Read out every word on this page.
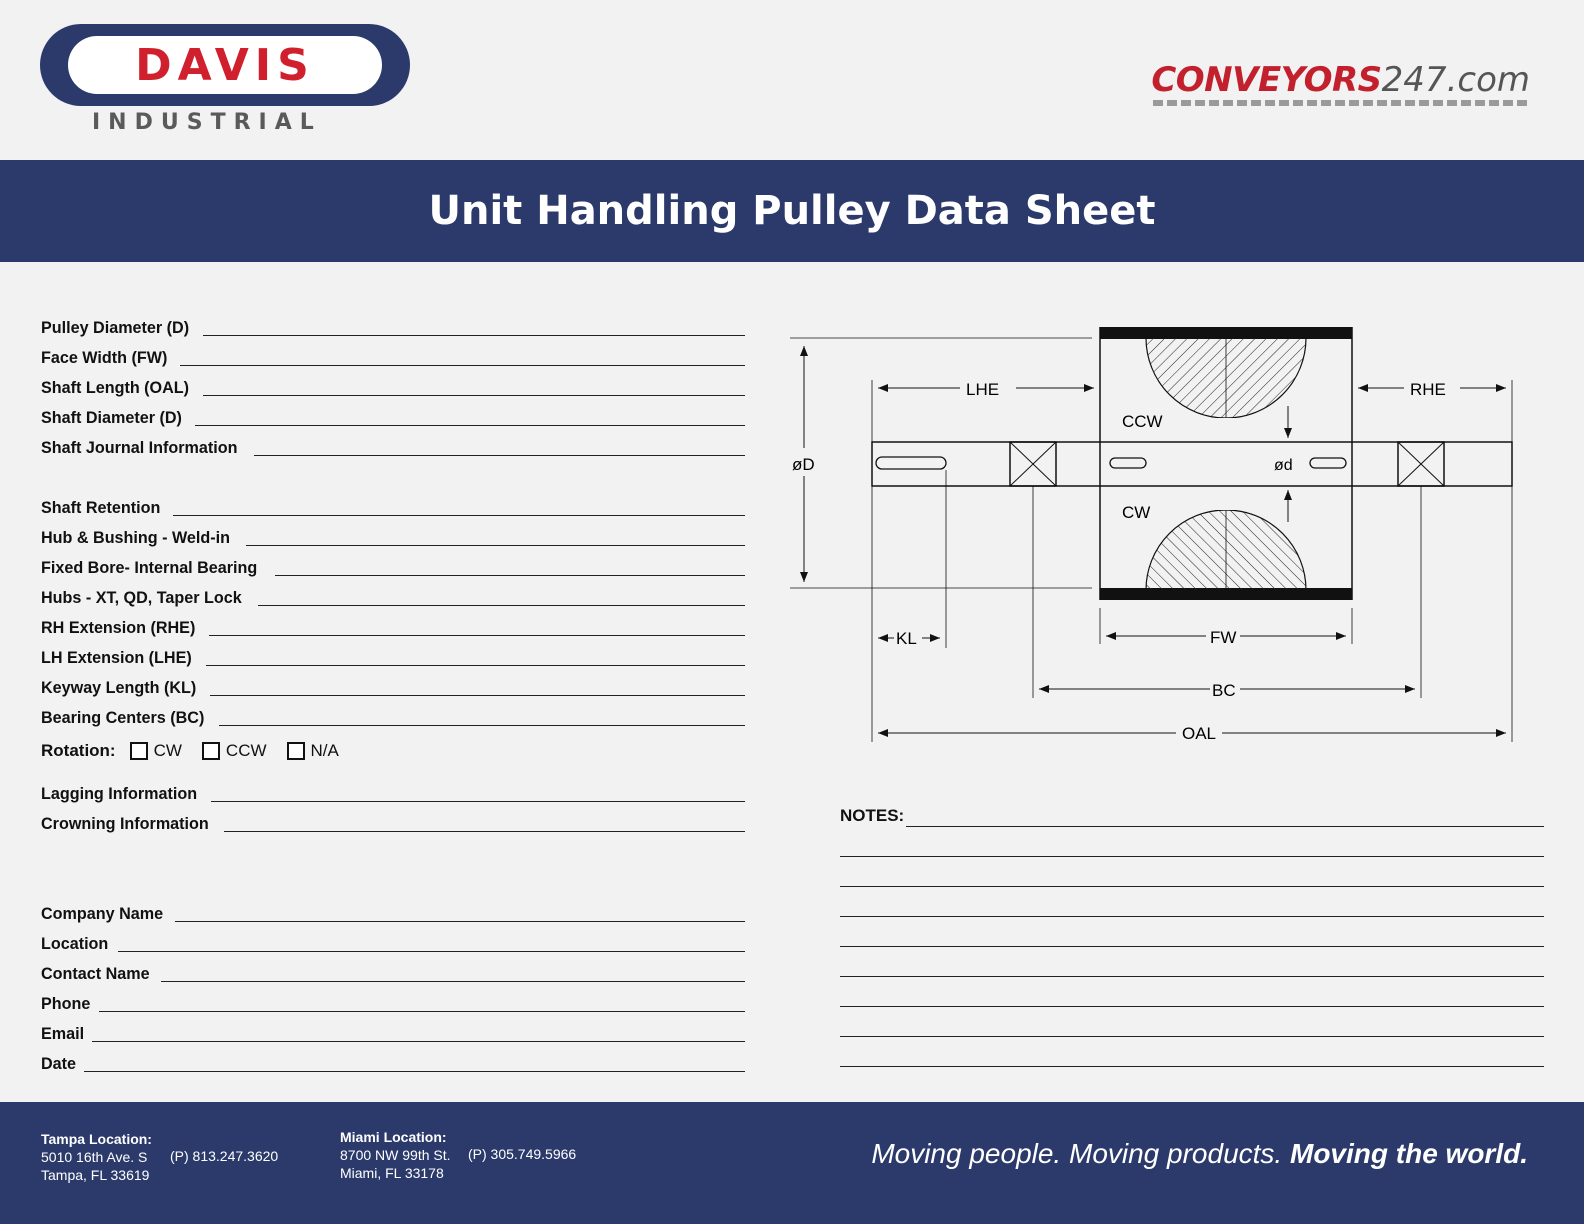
DAVIS
INDUSTRIAL
CONVEYORS247.com
Unit Handling Pulley Data Sheet
Pulley Diameter (D)
Face Width (FW)
Shaft Length (OAL)
Shaft Diameter (D)
Shaft Journal Information
Shaft Retention
Hub & Bushing - Weld-in
Fixed Bore- Internal Bearing
Hubs - XT, QD, Taper Lock
RH Extension (RHE)
LH Extension (LHE)
Keyway Length (KL)
Bearing Centers (BC)
Rotation: CW	CCW	N/A
Lagging Information
Crowning Information
Company Name
Location
Contact Name
Phone
Email
Date
øD
LHE	RHE
CCW
CW
ød
KL	FW
BC
OAL
NOTES:
Tampa Location:
5010 16th Ave. S
Tampa, FL 33619
(P) 813.247.3620
Miami Location:
8700 NW 99th St.
Miami, FL 33178
(P) 305.749.5966	Moving people. Moving products. Moving the world.
